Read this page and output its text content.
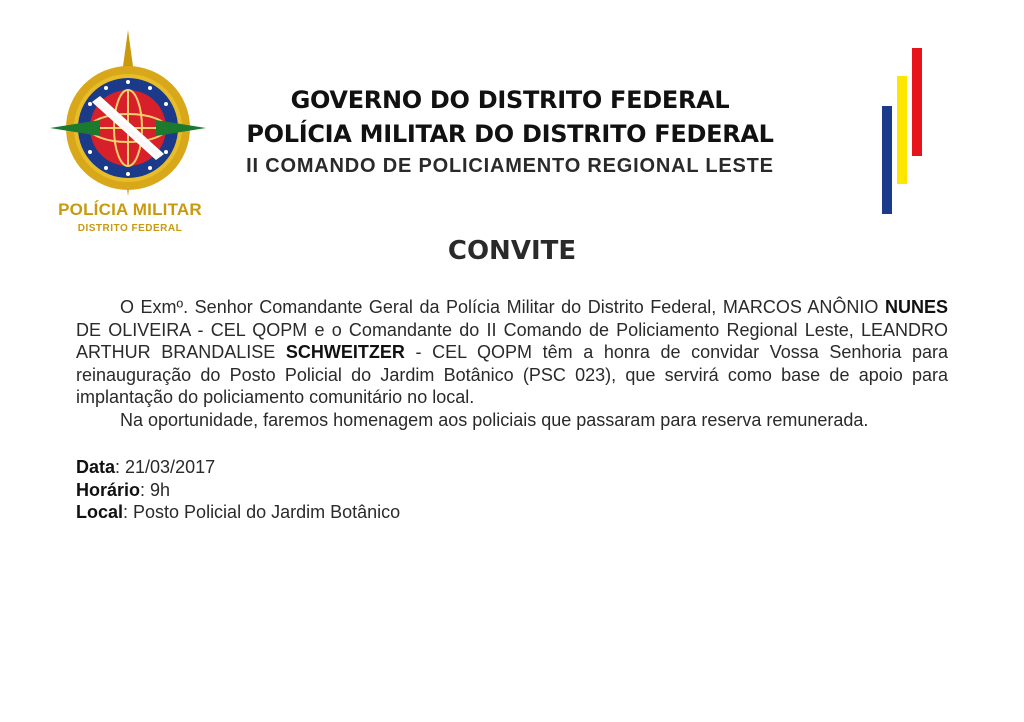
POLÍCIA MILITAR
DISTRITO FEDERAL
GOVERNO DO DISTRITO FEDERAL
POLÍCIA MILITAR DO DISTRITO FEDERAL
II COMANDO DE POLICIAMENTO REGIONAL LESTE
CONVITE

O Exmº. Senhor Comandante Geral da Polícia Militar do Distrito Federal, MARCOS ANÔNIO NUNES DE OLIVEIRA - CEL QOPM e o Comandante do II Comando de Policiamento Regional Leste, LEANDRO ARTHUR BRANDALISE SCHWEITZER - CEL QOPM têm a honra de convidar Vossa Senhoria para reinauguração do Posto Policial do Jardim Botânico (PSC 023), que servirá como base de apoio para implantação do policiamento comunitário no local.

Na oportunidade, faremos homenagem aos policiais que passaram para reserva remunerada.

Data: 21/03/2017
Horário: 9h
Local: Posto Policial do Jardim Botânico
